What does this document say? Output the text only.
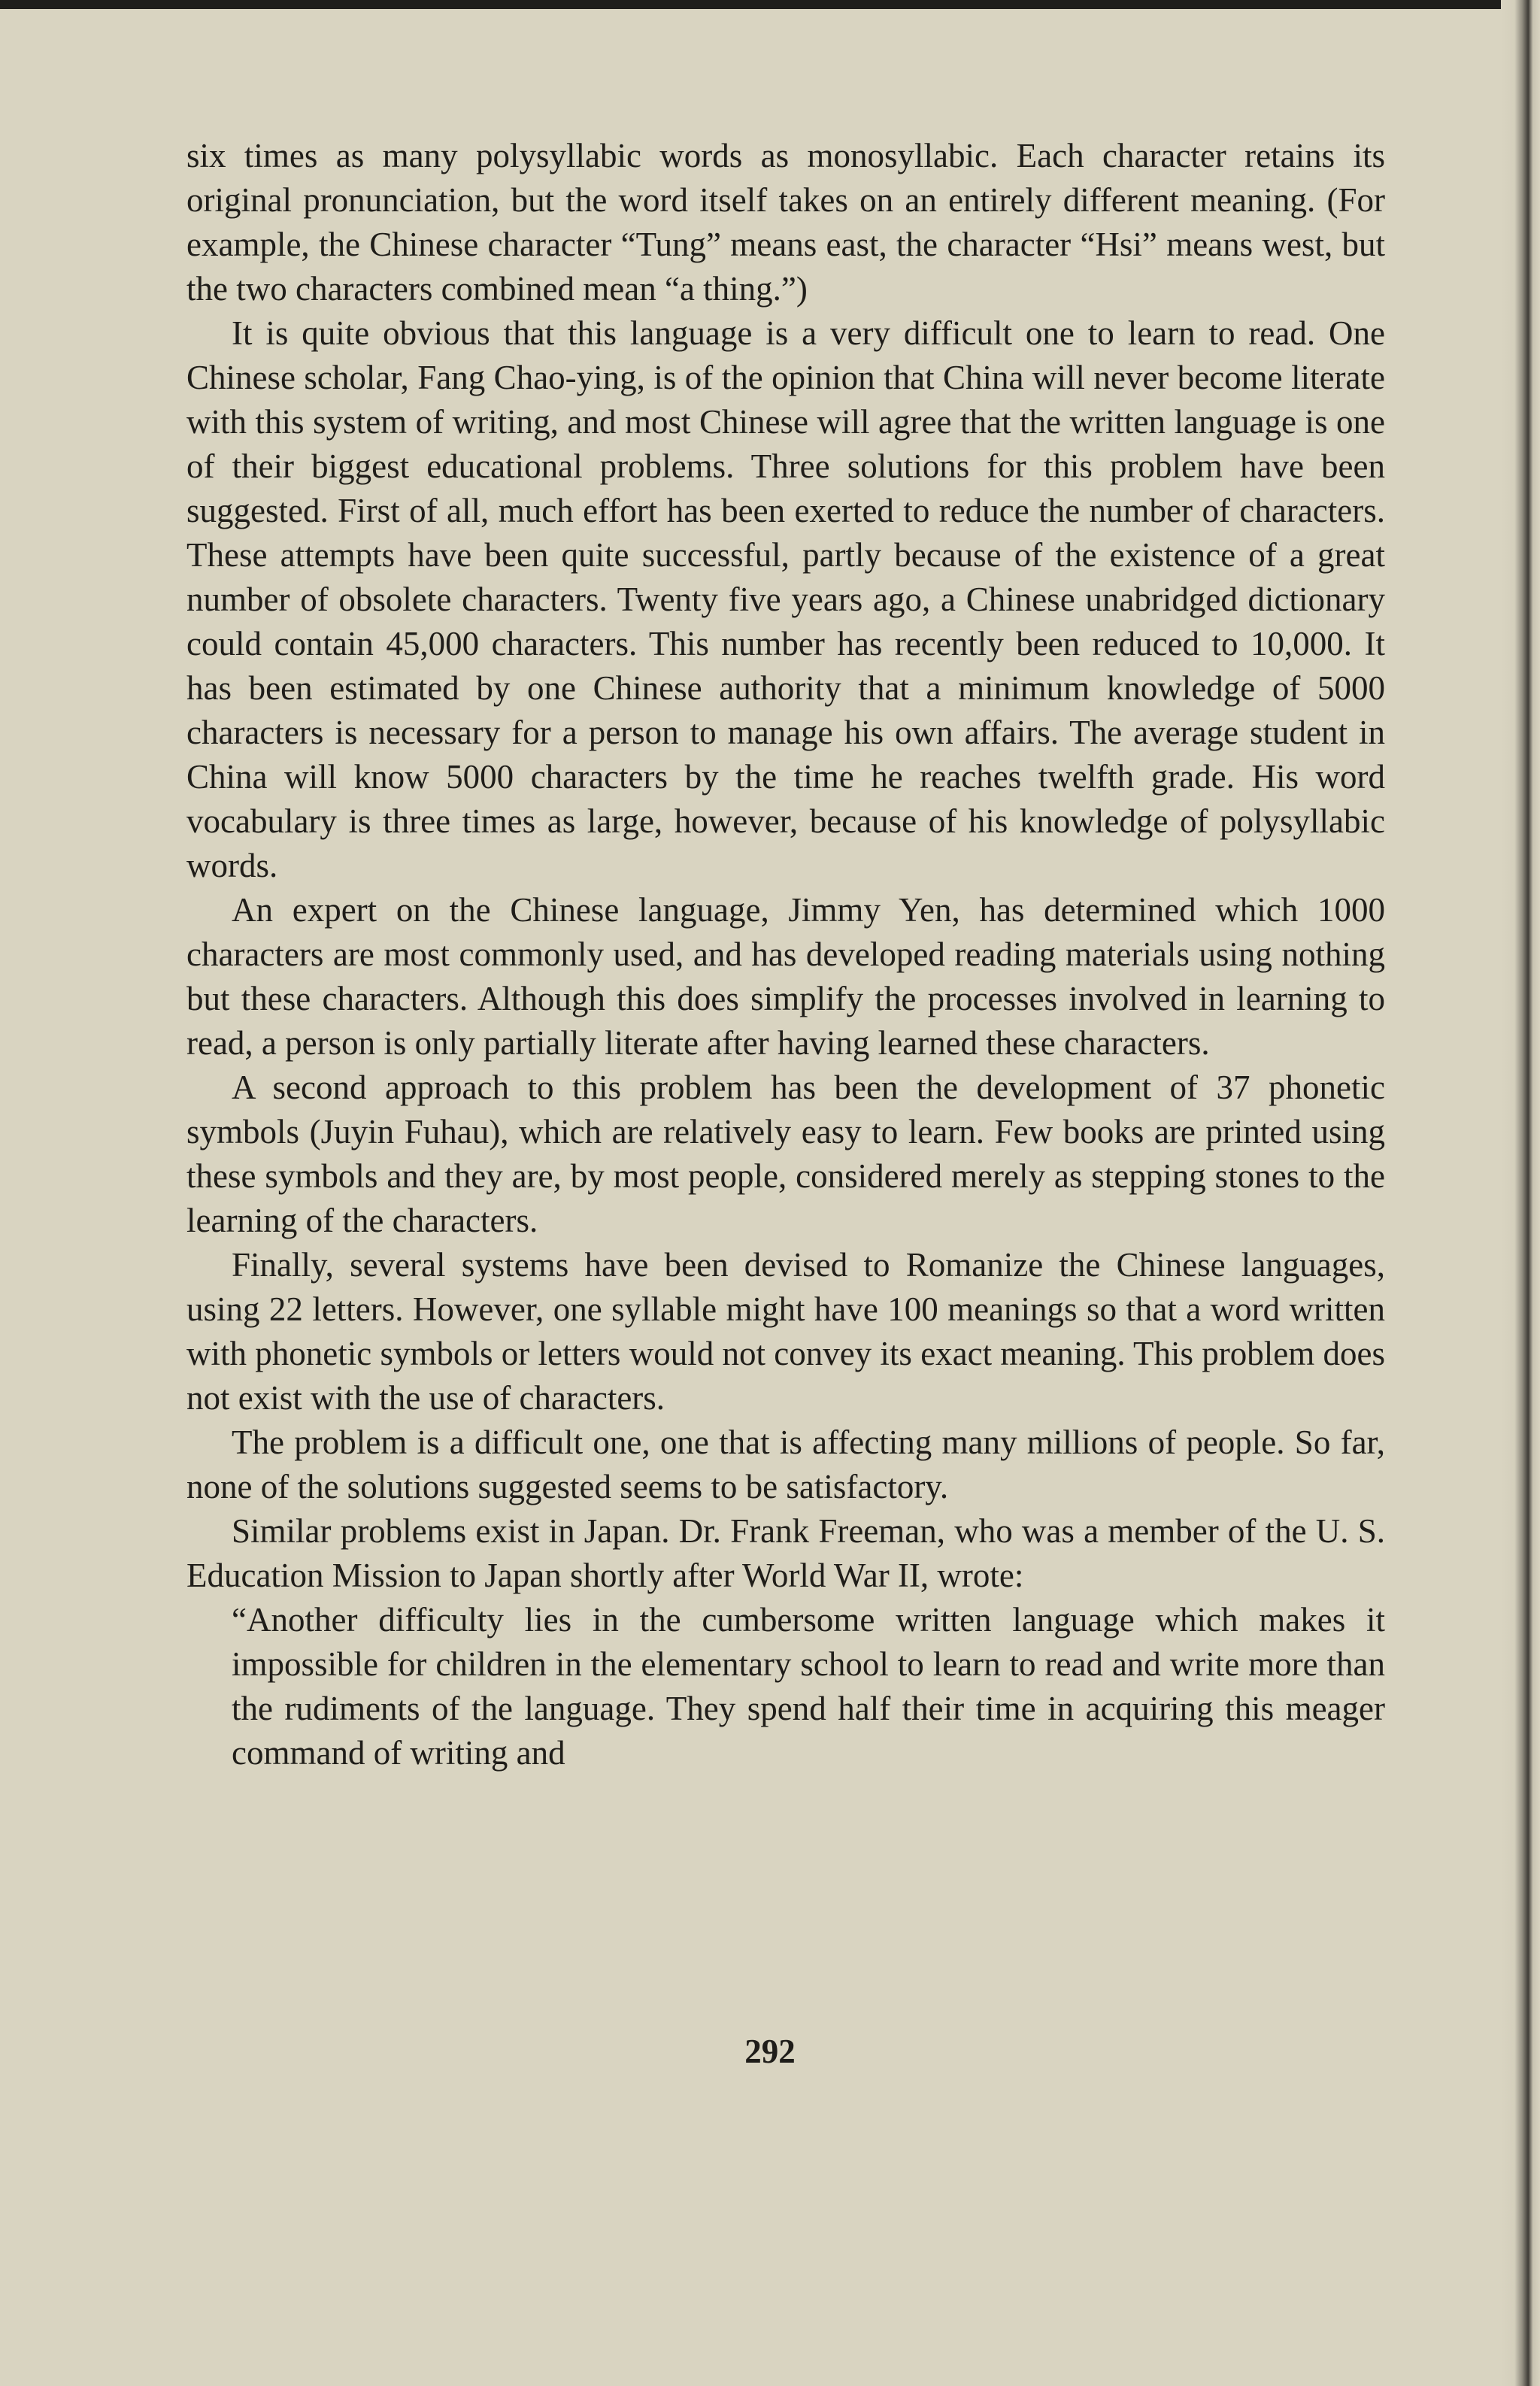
six times as many polysyllabic words as monosyllabic. Each character retains its original pronunciation, but the word itself takes on an entirely different meaning. (For example, the Chinese character “Tung” means east, the character “Hsi” means west, but the two characters combined mean “a thing.”)

It is quite obvious that this language is a very difficult one to learn to read. One Chinese scholar, Fang Chao-ying, is of the opinion that China will never become literate with this system of writing, and most Chinese will agree that the written language is one of their biggest educational problems. Three solutions for this problem have been suggested. First of all, much effort has been exerted to reduce the number of characters. These attempts have been quite successful, partly because of the existence of a great number of obsolete characters. Twenty five years ago, a Chinese unabridged dictionary could contain 45,000 characters. This number has recently been reduced to 10,000. It has been estimated by one Chinese authority that a minimum knowledge of 5000 characters is necessary for a person to manage his own affairs. The average student in China will know 5000 characters by the time he reaches twelfth grade. His word vocabulary is three times as large, however, because of his knowledge of polysyllabic words.

An expert on the Chinese language, Jimmy Yen, has determined which 1000 characters are most commonly used, and has developed reading materials using nothing but these characters. Although this does simplify the processes involved in learning to read, a person is only partially literate after having learned these characters.

A second approach to this problem has been the development of 37 phonetic symbols (Juyin Fuhau), which are relatively easy to learn. Few books are printed using these symbols and they are, by most people, considered merely as stepping stones to the learning of the characters.

Finally, several systems have been devised to Romanize the Chinese languages, using 22 letters. However, one syllable might have 100 meanings so that a word written with phonetic symbols or letters would not convey its exact meaning. This problem does not exist with the use of characters.

The problem is a difficult one, one that is affecting many millions of people. So far, none of the solutions suggested seems to be satisfactory.

Similar problems exist in Japan. Dr. Frank Freeman, who was a member of the U. S. Education Mission to Japan shortly after World War II, wrote:

“Another difficulty lies in the cumbersome written language which makes it impossible for children in the elementary school to learn to read and write more than the rudiments of the language. They spend half their time in acquiring this meager command of writing and
292
